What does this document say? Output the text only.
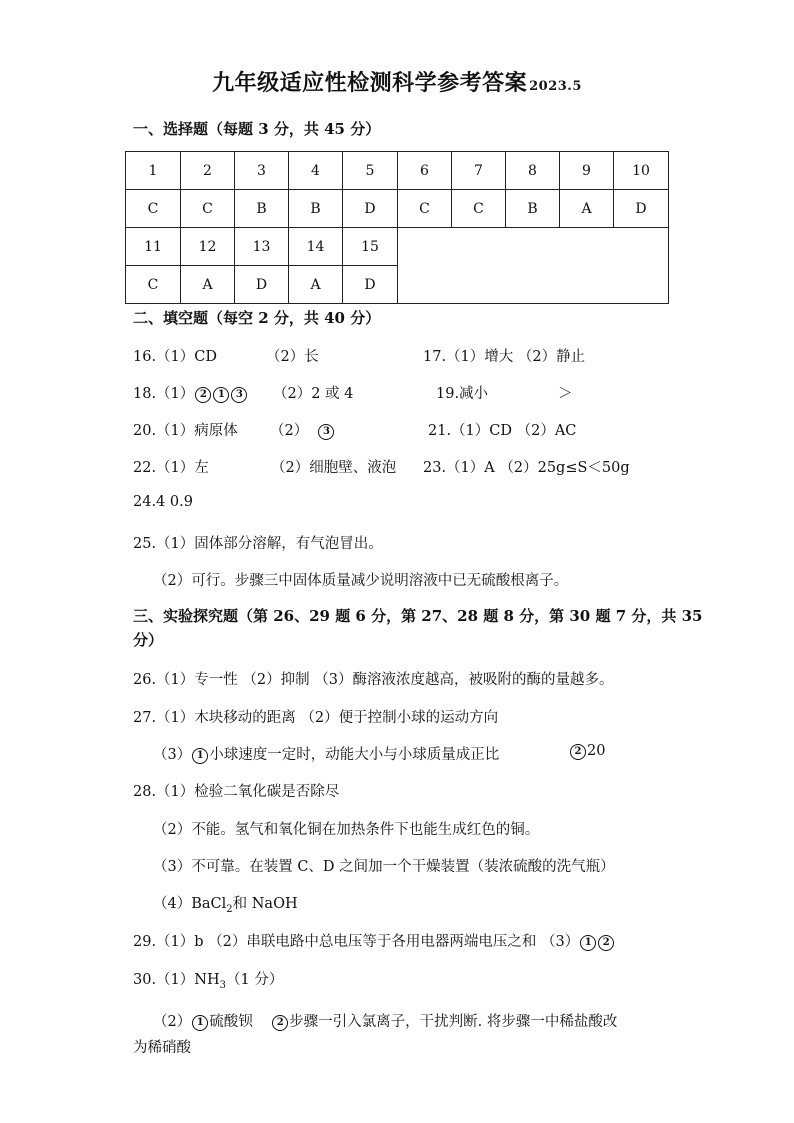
九年级适应性检测科学参考答案 2023.5
一、选择题（每题 3 分，共 45 分）
1	2	3	4	5	6	7	8	9	10
C	C	B	B	D	C	C	B	A	D
11	12	13	14	15					
C	A	D	A	D					
二、填空题（每空 2 分，共 40 分）
16.（1）CD	（2）长	17.（1）增大 （2）静止
18.（1） 2 1 3	（2）2 或 4	19.减小	＞
20.（1）病原体 （2） 3	21.（1）CD （2）AC
22.（1）左	（2）细胞壁、液泡 23.（1）A （2）25g≤S＜50g
24.4 0.9
25.（1）固体部分溶解，有气泡冒出。
（2）可行。步骤三中固体质量减少说明溶液中已无硫酸根离子。
三、实验探究题（第 26、29 题 6 分，第 27、28 题 8 分，第 30 题 7 分，共 35
分）
26.（1）专一性 （2）抑制 （3）酶溶液浓度越高，被吸附的酶的量越多。
27.（1）木块移动的距离 （2）便于控制小球的运动方向
（3） 1 小球速度一定时，动能大小与小球质量成正比	2 20
28.（1）检验二氧化碳是否除尽
（2）不能。氢气和氧化铜在加热条件下也能生成红色的铜。
（3）不可靠。在装置 C、D 之间加一个干燥装置（装浓硫酸的洗气瓶）
（4）BaCl$_2$和 NaOH
29.（1）b （2）串联电路中总电压等于各用电器两端电压之和 （3） 1 2
$30.(1)NH_3(1$ 分）
（2） 1 硫酸钡 2 步骤一引入氯离子，干扰判断. 将步骤一中稀盐酸改
为稀硝酸
